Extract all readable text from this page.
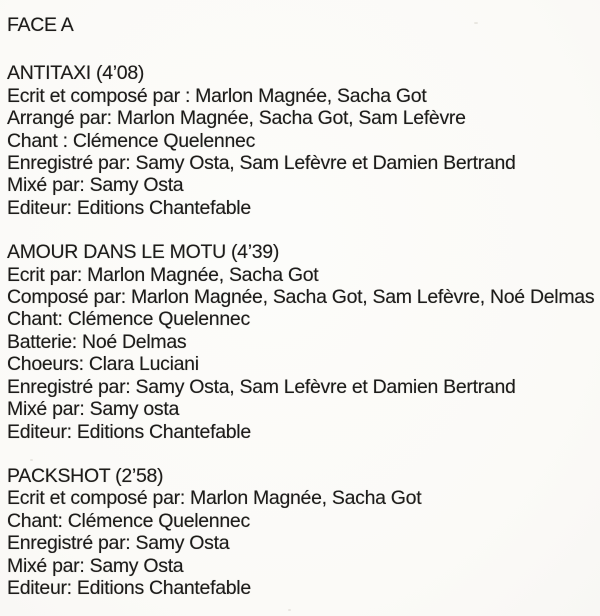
FACE A
ANTITAXI (4’08)

Ecrit et composé par : Marlon Magnée, Sacha Got

Arrangé par: Marlon Magnée, Sacha Got, Sam Lefèvre

Chant : Clémence Quelennec

Enregistré par: Samy Osta, Sam Lefèvre et Damien Bertrand

Mixé par: Samy Osta

Editeur: Editions Chantefable

AMOUR DANS LE MOTU (4’39)

Ecrit par: Marlon Magnée, Sacha Got

Composé par: Marlon Magnée, Sacha Got, Sam Lefèvre, Noé Delmas

Chant: Clémence Quelennec

Batterie: Noé Delmas

Choeurs: Clara Luciani

Enregistré par: Samy Osta, Sam Lefèvre et Damien Bertrand

Mixé par: Samy osta

Editeur: Editions Chantefable

PACKSHOT (2’58)

Ecrit et composé par: Marlon Magnée, Sacha Got

Chant: Clémence Quelennec

Enregistré par: Samy Osta

Mixé par: Samy Osta

Editeur: Editions Chantefable
